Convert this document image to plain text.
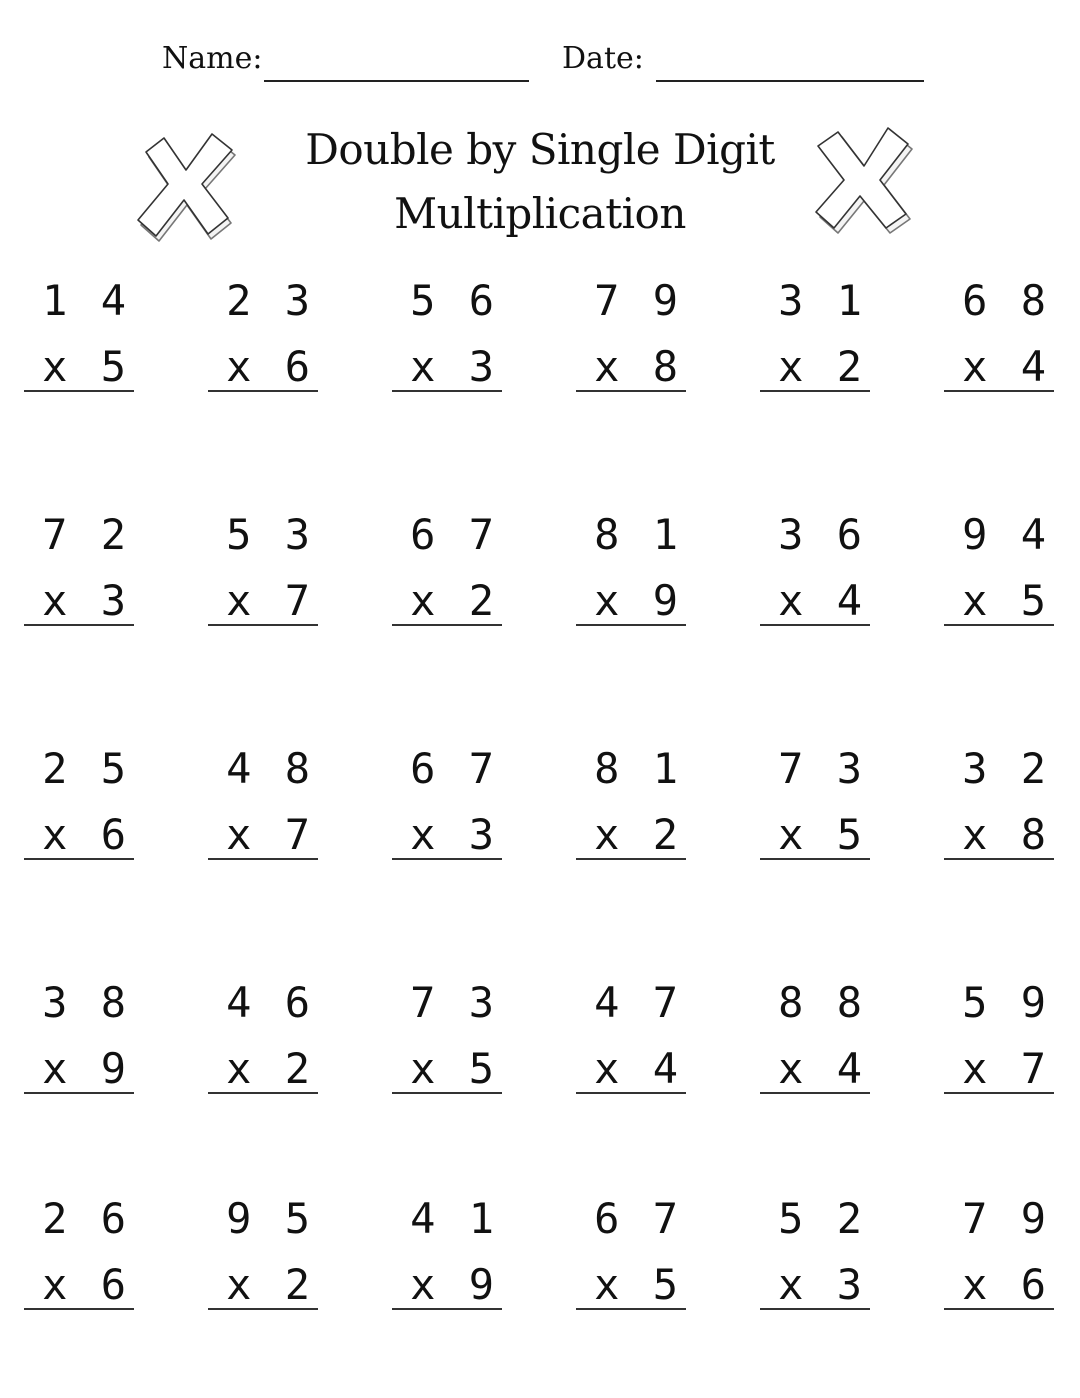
Name:	Date:
Double by Single Digit
Multiplication
1 4
x 5
2 3
x 6
5 6
x 3
7 9
x 8
3 1
x 2
6 8
x 4
7 2
x 3
5 3
x 7
6 7
x 2
8 1
x 9
3 6
x 4
9 4
x 5
2 5
x 6
4 8
x 7
6 7
x 3
8 1
x 2
7 3
x 5
3 2
x 8
3 8
x 9
4 6
x 2
7 3
x 5
4 7
x 4
8 8
x 4
5 9
x 7
2 6
x 6
9 5
x 2
4 1
x 9
6 7
x 5
5 2
x 3
7 9
x 6
